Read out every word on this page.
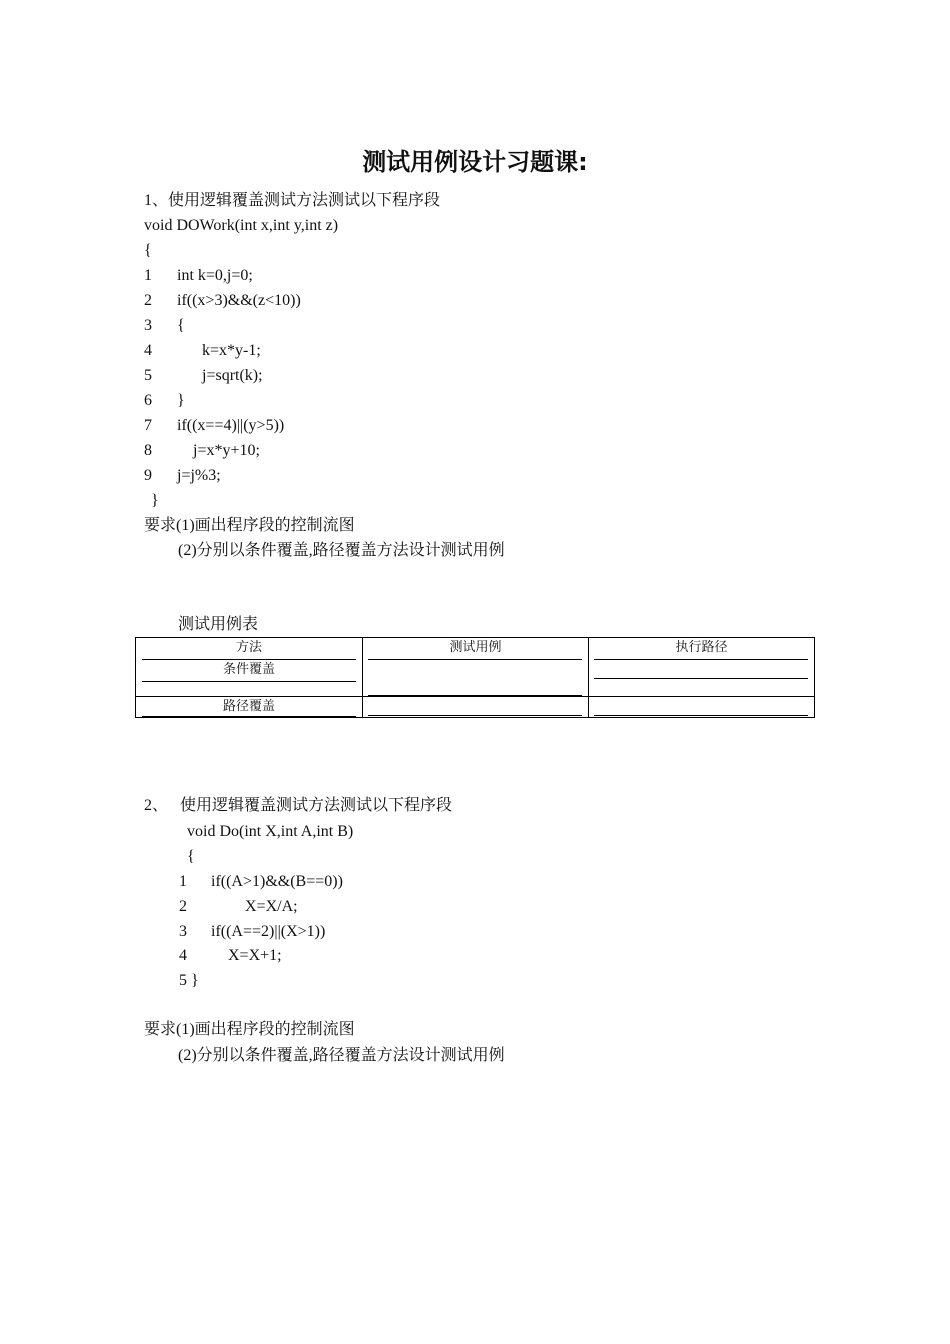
测试用例设计习题课:
1、使用逻辑覆盖测试方法测试以下程序段
void DOWork(int x,int y,int z)
{
1 int k=0,j=0;
2 if((x>3)&&(z<10))
3 {
4	k=x*y-1;
5	j=sqrt(k);
6 }
7 if((x==4)||(y>5))
8	j=x*y+10;
9 j=j%3;
}
要求(1)画出程序段的控制流图
(2)分别以条件覆盖,路径覆盖方法设计测试用例
测试用例表
方法	测试用例	执行路径
条件覆盖
路径覆盖
2、   使用逻辑覆盖测试方法测试以下程序段
void Do(int X,int A,int B)
{
1 if((A>1)&&(B==0))
2	X=X/A;
3 if((A==2)||(X>1))
4	X=X+1;
5 }
要求(1)画出程序段的控制流图
(2)分别以条件覆盖,路径覆盖方法设计测试用例
